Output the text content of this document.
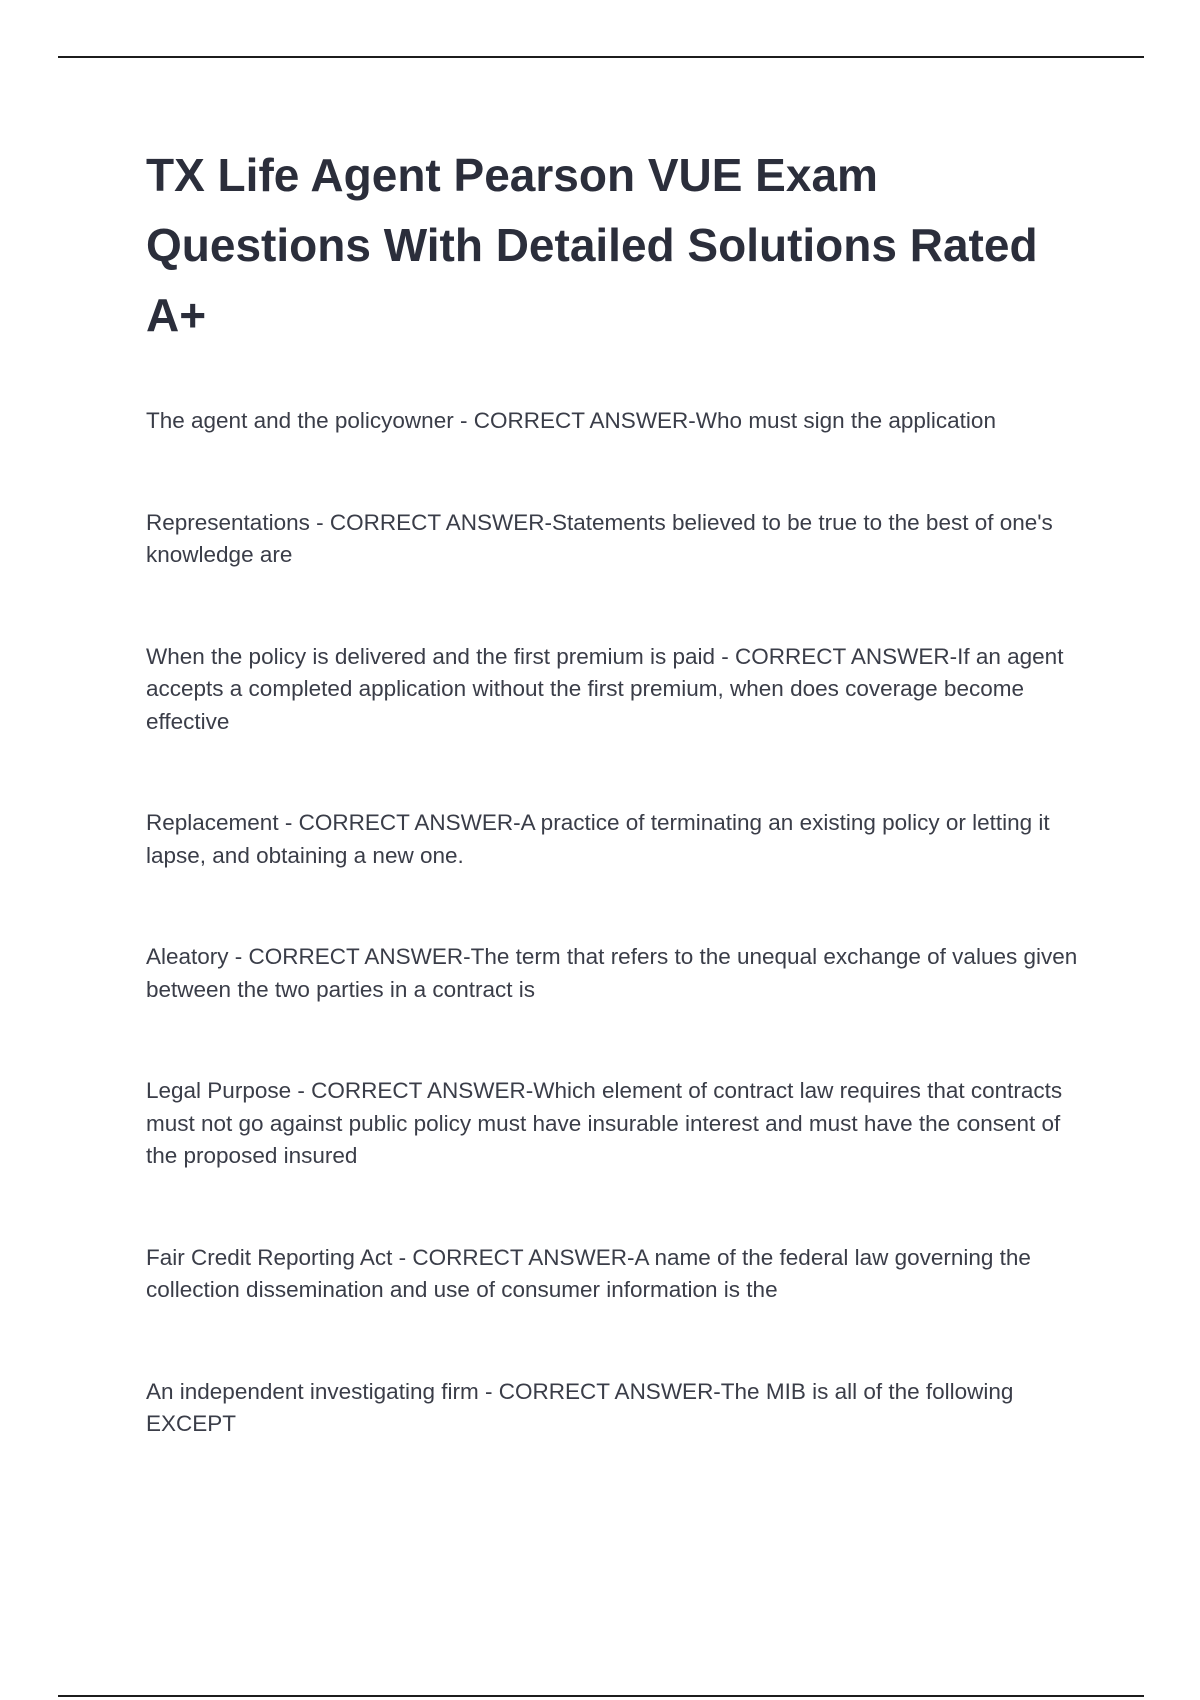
TX Life Agent Pearson VUE Exam Questions With Detailed Solutions Rated A+
The agent and the policyowner - CORRECT ANSWER-Who must sign the application
Representations - CORRECT ANSWER-Statements believed to be true to the best of one's knowledge are
When the policy is delivered and the first premium is paid - CORRECT ANSWER-If an agent accepts a completed application without the first premium, when does coverage become effective
Replacement - CORRECT ANSWER-A practice of terminating an existing policy or letting it lapse, and obtaining a new one.
Aleatory - CORRECT ANSWER-The term that refers to the unequal exchange of values given between the two parties in a contract is
Legal Purpose - CORRECT ANSWER-Which element of contract law requires that contracts must not go against public policy must have insurable interest and must have the consent of the proposed insured
Fair Credit Reporting Act - CORRECT ANSWER-A name of the federal law governing the collection dissemination and use of consumer information is the
An independent investigating firm - CORRECT ANSWER-The MIB is all of the following EXCEPT
